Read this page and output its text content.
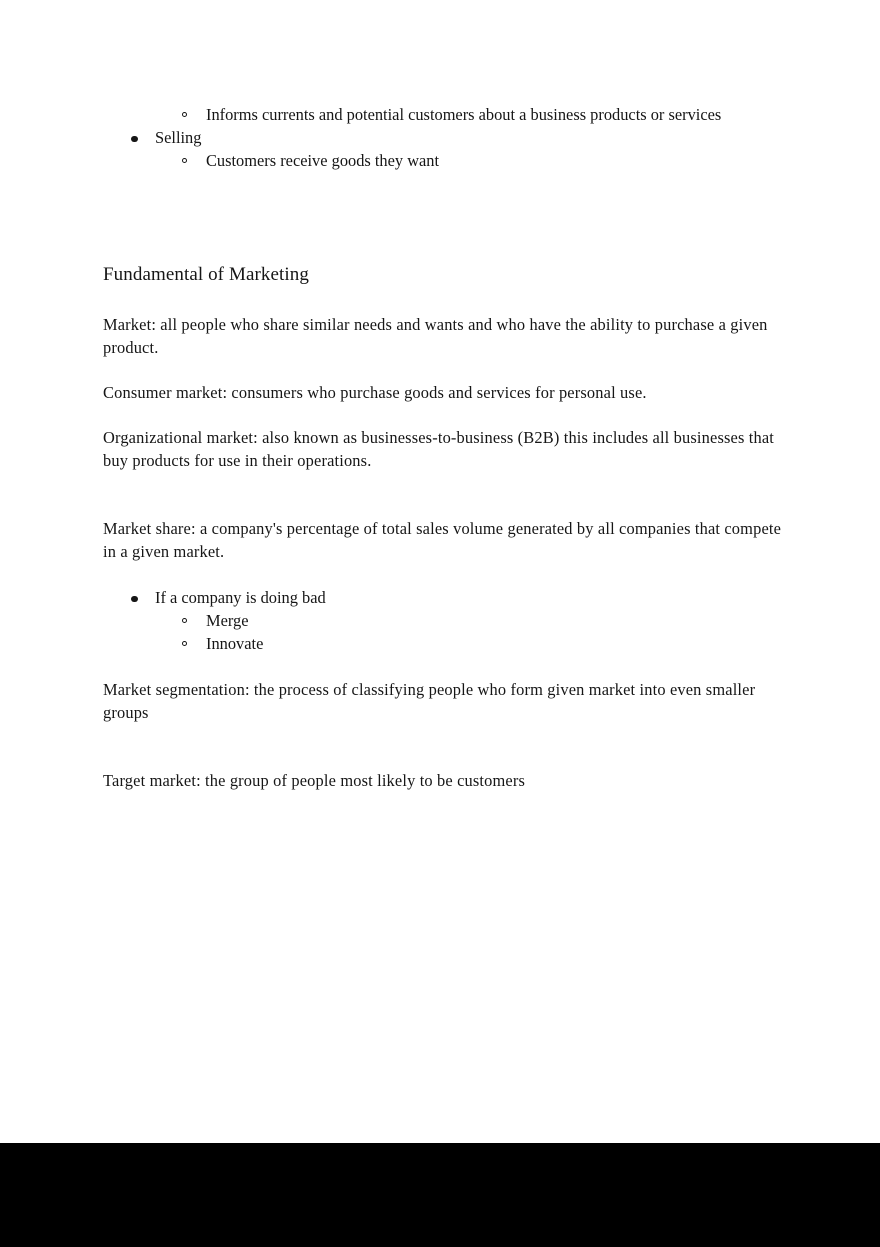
Informs currents and potential customers about a business products or services
Selling
Customers receive goods they want
Fundamental of Marketing

Market: all people who share similar needs and wants and who have the ability to purchase a given product.

Consumer market: consumers who purchase goods and services for personal use.

Organizational market: also known as businesses-to-business (B2B) this includes all businesses that buy products for use in their operations.

Market share: a company's percentage of total sales volume generated by all companies that compete in a given market.

If a company is doing bad
Merge
Innovate

Market segmentation: the process of classifying people who form given market into even smaller groups

Target market: the group of people most likely to be customers
